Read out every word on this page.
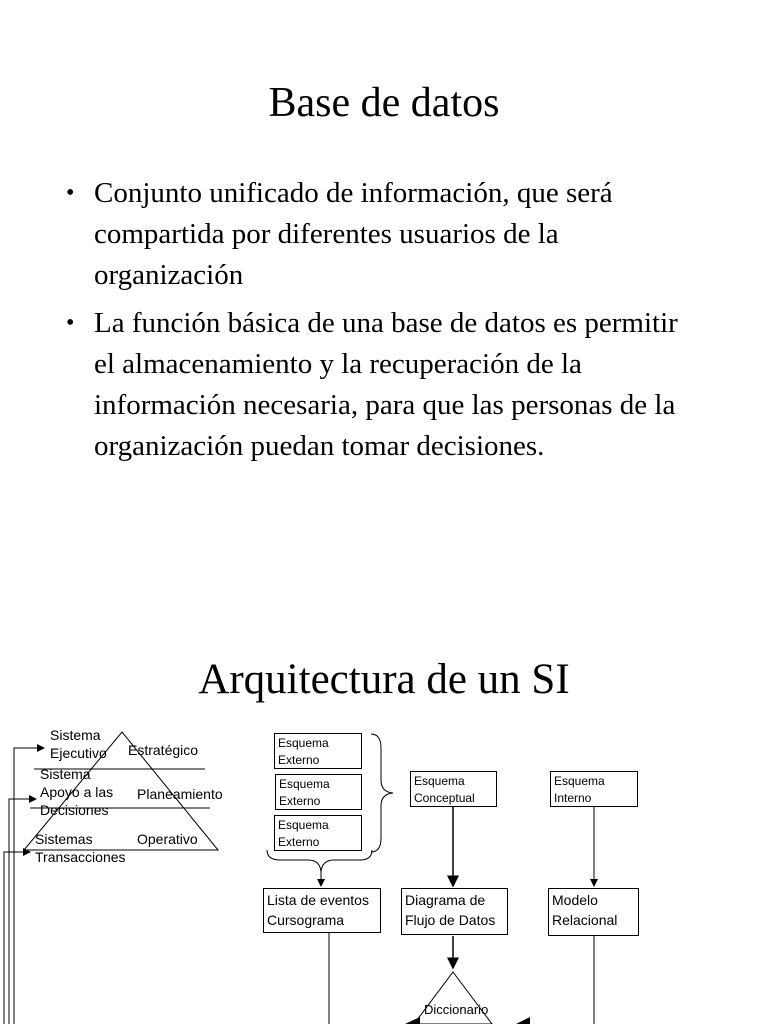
Base de datos
• Conjunto unificado de información, que será compartida por diferentes usuarios de la organización
• La función básica de una base de datos es permitir el almacenamiento y la recuperación de la información necesaria, para que las personas de la organización puedan tomar decisiones.
Arquitectura de un SI
Sistema
Ejecutivo Estratégico
Sistema
Apoyo a las
Decisiones
Planeamiento
Sistemas
Transacciones
Operativo
Esquema
Externo
Esquema
Externo
Esquema
Externo
Esquema
Conceptual
Esquema
Interno
Lista de eventos
Cursograma
Diagrama de
Flujo de Datos
Modelo
Relacional
Diccionario
